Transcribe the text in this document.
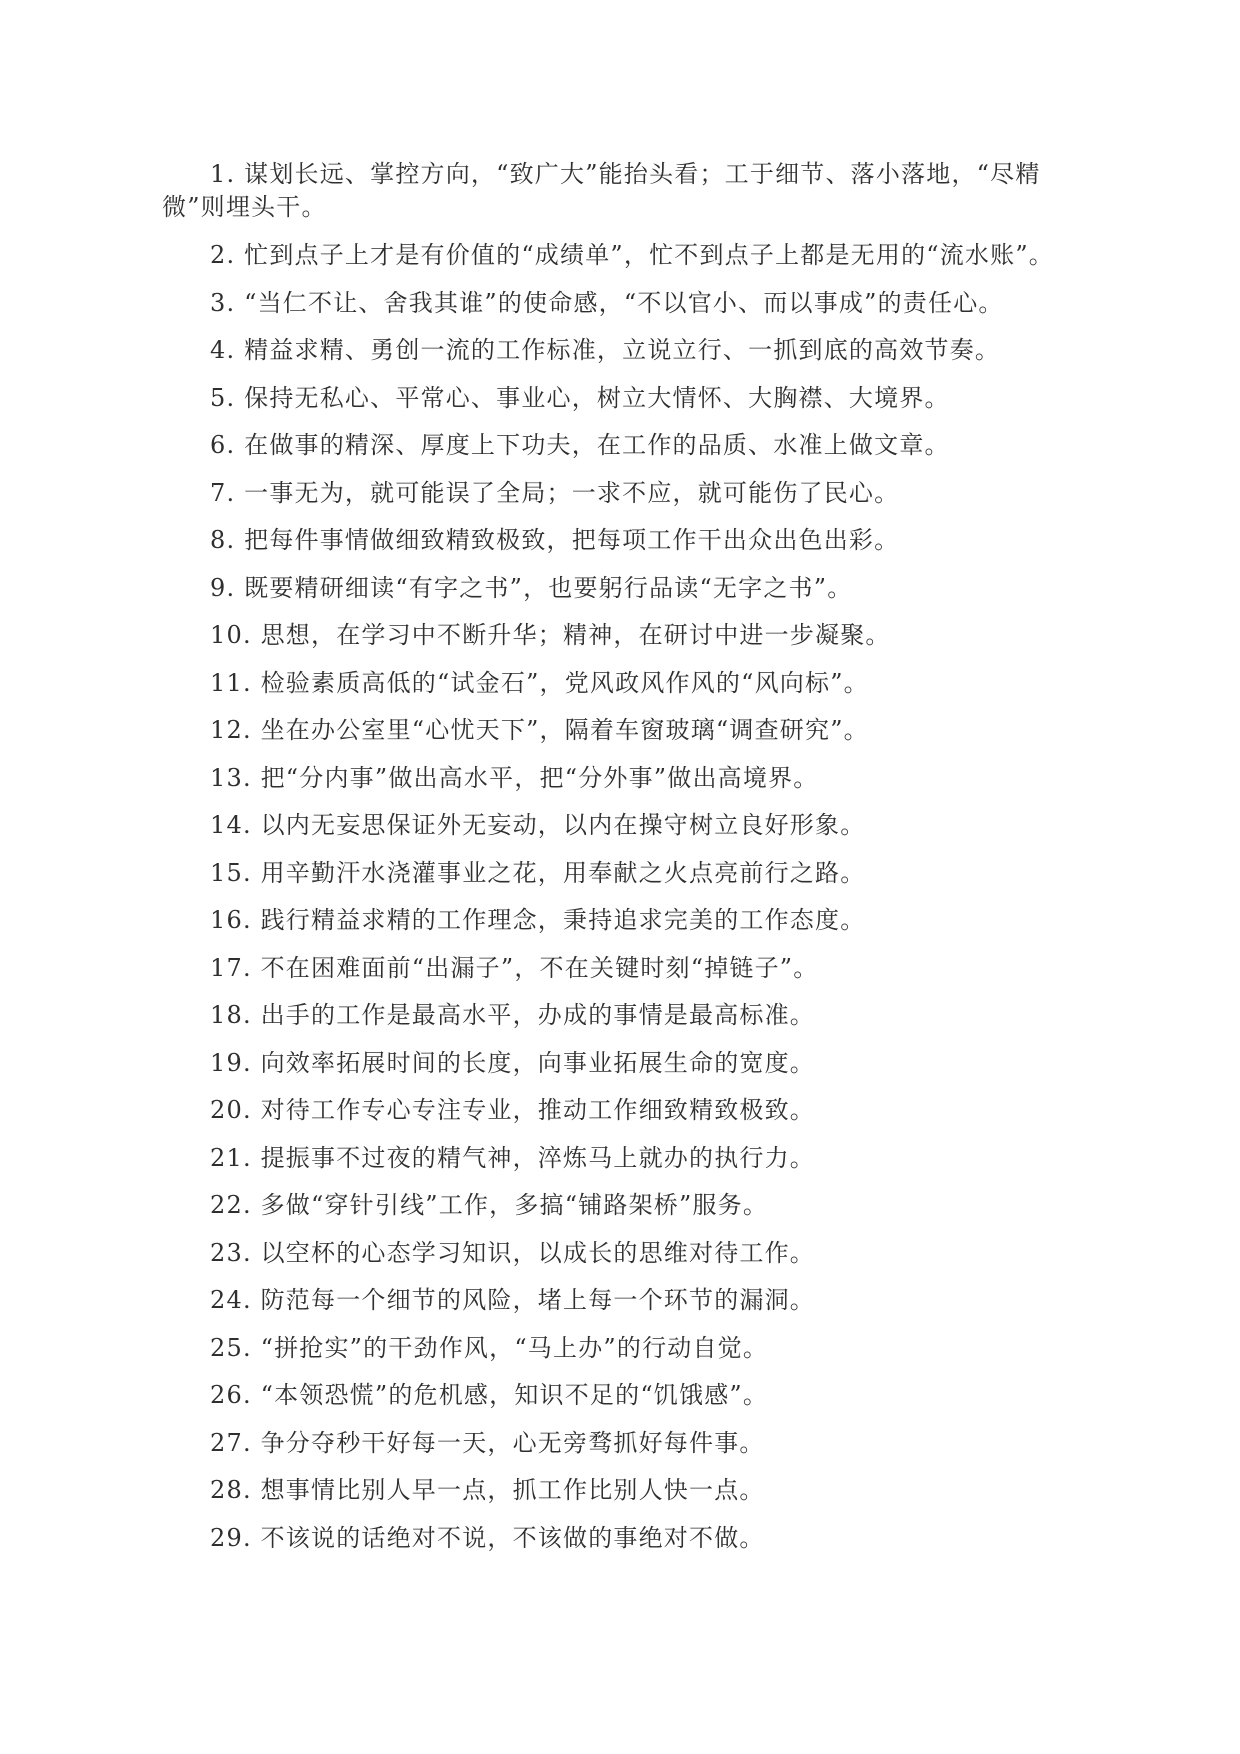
1. 谋划长远、掌控方向，“致广大”能抬头看；工于细节、落小落地，“尽精微”则埋头干。

2. 忙到点子上才是有价值的“成绩单”，忙不到点子上都是无用的“流水账”。

3. “当仁不让、舍我其谁”的使命感，“不以官小、而以事成”的责任心。

4. 精益求精、勇创一流的工作标准，立说立行、一抓到底的高效节奏。

5. 保持无私心、平常心、事业心，树立大情怀、大胸襟、大境界。

6. 在做事的精深、厚度上下功夫，在工作的品质、水准上做文章。

7. 一事无为，就可能误了全局；一求不应，就可能伤了民心。

8. 把每件事情做细致精致极致，把每项工作干出众出色出彩。

9. 既要精研细读“有字之书”，也要躬行品读“无字之书”。

10. 思想，在学习中不断升华；精神，在研讨中进一步凝聚。

11. 检验素质高低的“试金石”，党风政风作风的“风向标”。

12. 坐在办公室里“心忧天下”，隔着车窗玻璃“调查研究”。

13. 把“分内事”做出高水平，把“分外事”做出高境界。

14. 以内无妄思保证外无妄动，以内在操守树立良好形象。

15. 用辛勤汗水浇灌事业之花，用奉献之火点亮前行之路。

16. 践行精益求精的工作理念，秉持追求完美的工作态度。

17. 不在困难面前“出漏子”，不在关键时刻“掉链子”。

18. 出手的工作是最高水平，办成的事情是最高标准。

19. 向效率拓展时间的长度，向事业拓展生命的宽度。

20. 对待工作专心专注专业，推动工作细致精致极致。

21. 提振事不过夜的精气神，淬炼马上就办的执行力。

22. 多做“穿针引线”工作，多搞“铺路架桥”服务。

23. 以空杯的心态学习知识，以成长的思维对待工作。

24. 防范每一个细节的风险，堵上每一个环节的漏洞。

25. “拼抢实”的干劲作风，“马上办”的行动自觉。

26. “本领恐慌”的危机感，知识不足的“饥饿感”。

27. 争分夺秒干好每一天，心无旁骛抓好每件事。

28. 想事情比别人早一点，抓工作比别人快一点。

29. 不该说的话绝对不说，不该做的事绝对不做。
